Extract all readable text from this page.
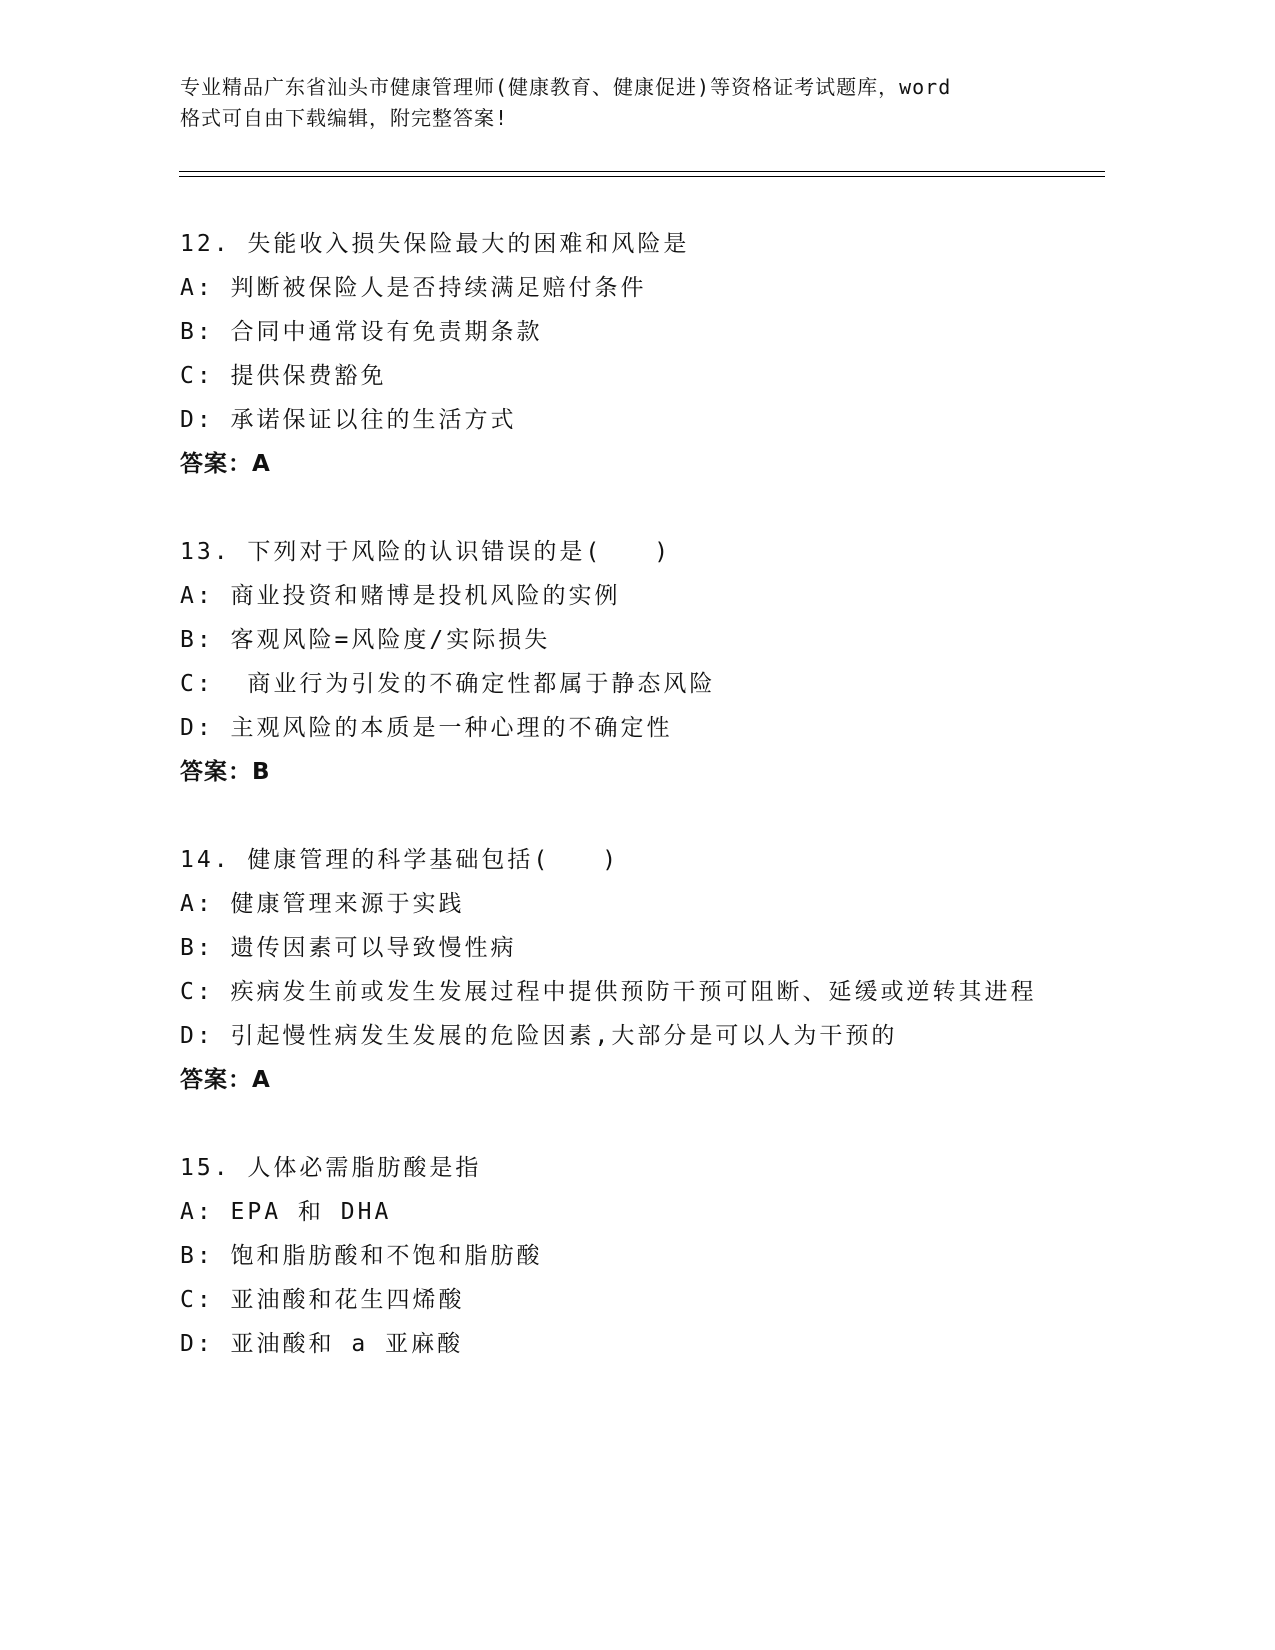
专业精品广东省汕头市健康管理师(健康教育、健康促进)等资格证考试题库，word
格式可自由下载编辑，附完整答案!
12. 失能收入损失保险最大的困难和风险是
A: 判断被保险人是否持续满足赔付条件
B: 合同中通常设有免责期条款
C: 提供保费豁免
D: 承诺保证以往的生活方式
答案：A
13. 下列对于风险的认识错误的是(　　)
A: 商业投资和赌博是投机风险的实例
B: 客观风险=风险度/实际损失
C:  商业行为引发的不确定性都属于静态风险
D: 主观风险的本质是一种心理的不确定性
答案：B
14. 健康管理的科学基础包括(　　)
A: 健康管理来源于实践
B: 遗传因素可以导致慢性病
C: 疾病发生前或发生发展过程中提供预防干预可阻断、延缓或逆转其进程
D: 引起慢性病发生发展的危险因素,大部分是可以人为干预的
答案：A
15. 人体必需脂肪酸是指
A: EPA 和 DHA
B: 饱和脂肪酸和不饱和脂肪酸
C: 亚油酸和花生四烯酸
D: 亚油酸和 a 亚麻酸
